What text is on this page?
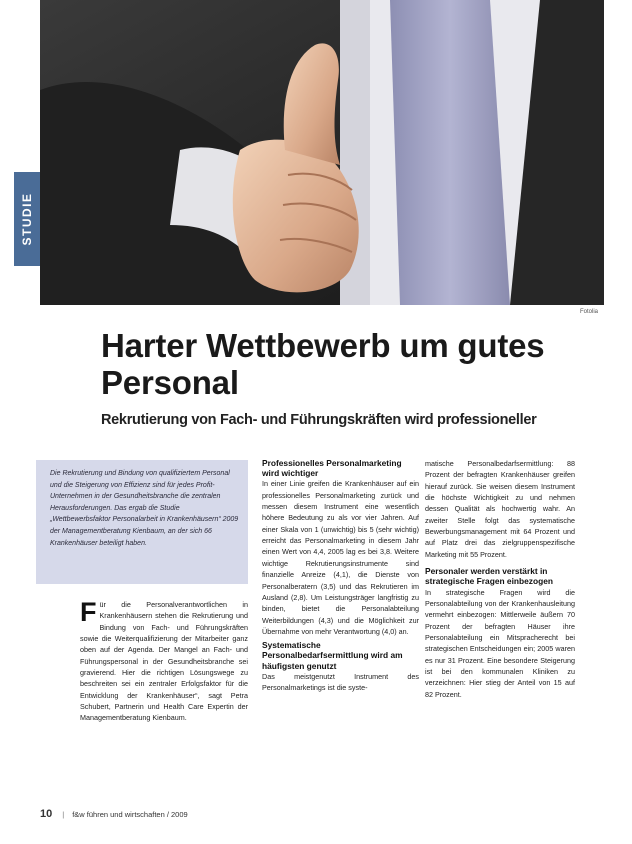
Fotolia
STUDIE
Harter Wettbewerb um gutes Personal
Rekrutierung von Fach- und Führungskräften wird professioneller

Die Rekrutierung und Bindung von qualifiziertem Personal und die Steigerung von Effizienz sind für jedes Profit-Unternehmen in der Gesundheitsbranche die zentralen Herausforderungen. Das ergab die Studie „Wettbewerbsfaktor Personalarbeit in Krankenhäusern“ 2009 der Managementberatung Kienbaum, an der sich 66 Krankenhäuser beteiligt haben.

Für die Personalverantwortlichen in Krankenhäusern stehen die Rekrutierung und Bindung von Fach- und Führungskräften sowie die Weiterqualifizierung der Mitarbeiter ganz oben auf der Agenda. Der Mangel an Fach- und Führungspersonal in der Gesundheitsbranche sei gravierend. Hier die richtigen Lösungswege zu beschreiten sei ein zentraler Erfolgsfaktor für die Entwicklung der Krankenhäuser“, sagt Petra Schubert, Partnerin und Health Care Expertin der Managementberatung Kienbaum.

Professionelles Personalmarketing wird wichtiger

In einer Linie greifen die Krankenhäuser auf ein professionelles Personalmarketing zurück und messen diesem Instrument eine wesentlich höhere Bedeutung zu als vor vier Jahren. Auf einer Skala von 1 (unwichtig) bis 5 (sehr wichtig) erreicht das Personalmarketing in diesem Jahr einen Wert von 4,4, 2005 lag es bei 3,8. Weitere wichtige Rekrutierungsinstrumente sind finanzielle Anreize (4,1), die Dienste von Personalberatern (3,5) und das Rekrutieren im Ausland (2,8). Um Leistungsträger langfristig zu binden, bietet die Personalabteilung Weiterbildungen (4,3) und die Möglichkeit zur Übernahme von mehr Verantwortung (4,0) an.

Systematische Personalbedarfsermittlung wird am häufigsten genutzt

Das meistgenutzt Instrument des Personalmarketings ist die syste-

matische Personalbedarfsermittlung: 88 Prozent der befragten Krankenhäuser greifen hierauf zurück. Sie weisen diesem Instrument die höchste Wichtigkeit zu und nehmen dessen Qualität als hochwertig wahr. An zweiter Stelle folgt das systematische Bewerbungsmanagement mit 64 Prozent und auf Platz drei das zielgruppenspezifische Marketing mit 55 Prozent.

Personaler werden verstärkt in strategische Fragen einbezogen

In strategische Fragen wird die Personalabteilung von der Krankenhausleitung vermehrt einbezogen: Mittlerweile äußern 70 Prozent der befragten Häuser ihre Personalabteilung ein Mitspracherecht bei strategischen Entscheidungen ein; 2005 waren es nur 31 Prozent. Eine besondere Steigerung ist bei den kommunalen Kliniken zu verzeichnen: Hier stieg der Anteil von 15 auf 82 Prozent.

10 | f&w führen und wirtschaften / 2009
